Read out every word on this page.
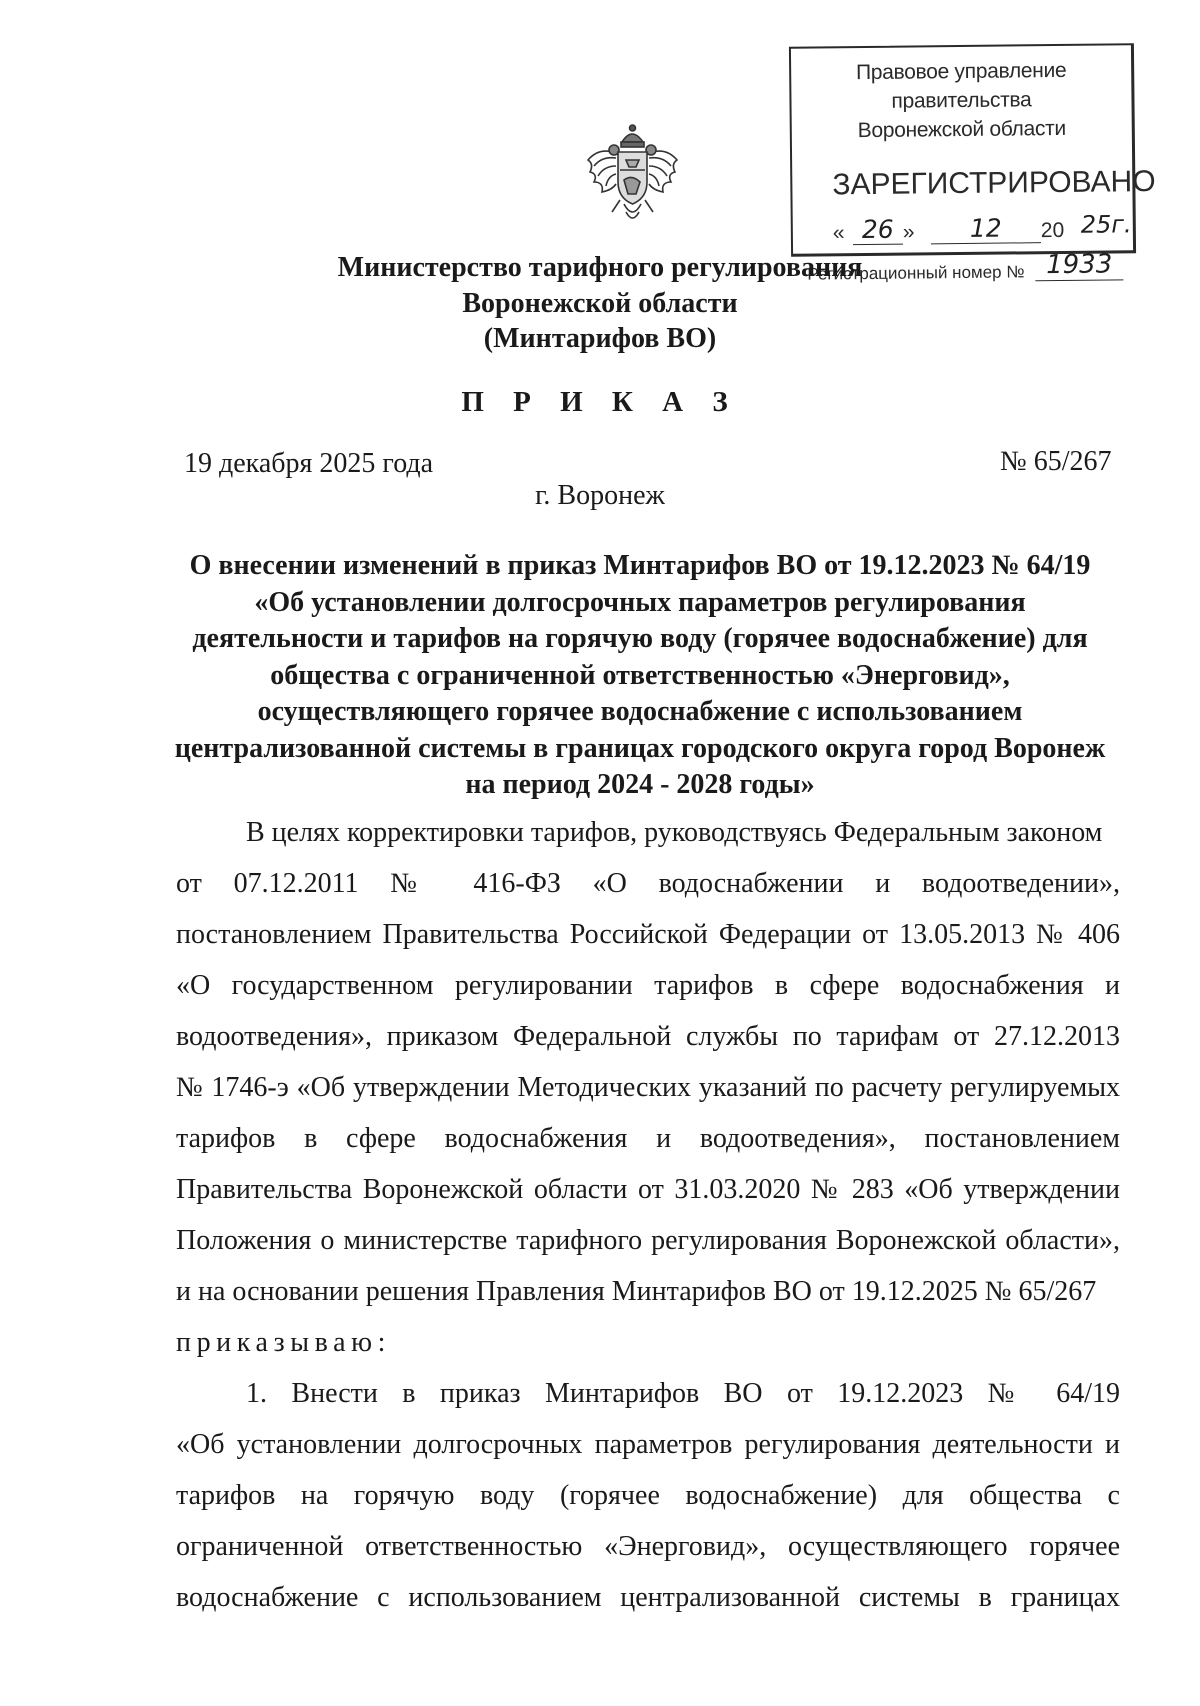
Правовое управление правительства
Воронежской области
ЗАРЕГИСТРИРОВАНО
« 26 »	12	20 25г.
Регистрационный номер № 1933
Министерство тарифного регулирования
Воронежской области
(Минтарифов ВО)
П Р И К А З
19 декабря 2025 года	№ 65/267
г. Воронеж
О внесении изменений в приказ Минтарифов ВО от 19.12.2023 № 64/19
«Об установлении долгосрочных параметров регулирования
деятельности и тарифов на горячую воду (горячее водоснабжение) для
общества с ограниченной ответственностью «Энерговид»,
осуществляющего горячее водоснабжение с использованием
централизованной системы в границах городского округа город Воронеж
на период 2024 - 2028 годы»
В целях корректировки тарифов, руководствуясь Федеральным законом
от 07.12.2011 № 416-ФЗ «О водоснабжении и водоотведении»,
постановлением Правительства Российской Федерации от 13.05.2013 № 406
«О государственном регулировании тарифов в сфере водоснабжения и
водоотведения», приказом Федеральной службы по тарифам от 27.12.2013
№ 1746-э «Об утверждении Методических указаний по расчету регулируемых
тарифов в сфере водоснабжения и водоотведения», постановлением
Правительства Воронежской области от 31.03.2020 № 283 «Об утверждении
Положения о министерстве тарифного регулирования Воронежской области»,
и на основании решения Правления Минтарифов ВО от 19.12.2025 № 65/267
приказываю:
1. Внести в приказ Минтарифов ВО от 19.12.2023 № 64/19
«Об установлении долгосрочных параметров регулирования деятельности и
тарифов на горячую воду (горячее водоснабжение) для общества с
ограниченной ответственностью «Энерговид», осуществляющего горячее
водоснабжение с использованием централизованной системы в границах
